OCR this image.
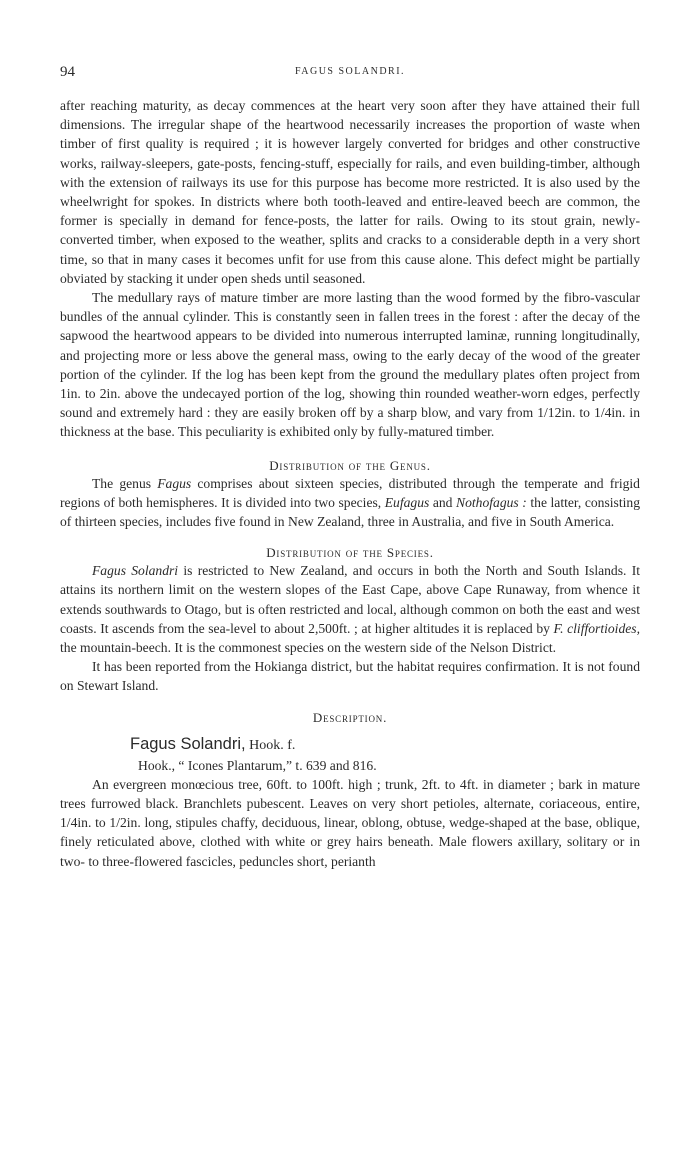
94	FAGUS SOLANDRI.

after reaching maturity, as decay commences at the heart very soon after they have attained their full dimensions. The irregular shape of the heartwood necessarily increases the proportion of waste when timber of first quality is required ; it is however largely converted for bridges and other constructive works, railway-sleepers, gate-posts, fencing-stuff, especially for rails, and even building-timber, although with the extension of railways its use for this purpose has become more restricted. It is also used by the wheelwright for spokes. In districts where both tooth-leaved and entire-leaved beech are common, the former is specially in demand for fence-posts, the latter for rails. Owing to its stout grain, newly-converted timber, when exposed to the weather, splits and cracks to a considerable depth in a very short time, so that in many cases it becomes unfit for use from this cause alone. This defect might be partially obviated by stacking it under open sheds until seasoned.

The medullary rays of mature timber are more lasting than the wood formed by the fibro-vascular bundles of the annual cylinder. This is constantly seen in fallen trees in the forest : after the decay of the sapwood the heartwood appears to be divided into numerous interrupted laminæ, running longitudinally, and projecting more or less above the general mass, owing to the early decay of the wood of the greater portion of the cylinder. If the log has been kept from the ground the medullary plates often project from 1in. to 2in. above the undecayed portion of the log, showing thin rounded weather-worn edges, perfectly sound and extremely hard : they are easily broken off by a sharp blow, and vary from 1/12in. to 1/4in. in thickness at the base. This peculiarity is exhibited only by fully-matured timber.

Distribution of the Genus.

The genus Fagus comprises about sixteen species, distributed through the temperate and frigid regions of both hemispheres. It is divided into two species, Eufagus and Nothofagus : the latter, consisting of thirteen species, includes five found in New Zealand, three in Australia, and five in South America.

Distribution of the Species.

Fagus Solandri is restricted to New Zealand, and occurs in both the North and South Islands. It attains its northern limit on the western slopes of the East Cape, above Cape Runaway, from whence it extends southwards to Otago, but is often restricted and local, although common on both the east and west coasts. It ascends from the sea-level to about 2,500ft. ; at higher altitudes it is replaced by F. cliffortioides, the mountain-beech. It is the commonest species on the western side of the Nelson District.

It has been reported from the Hokianga district, but the habitat requires confirmation. It is not found on Stewart Island.

Description.
Fagus Solandri, Hook. f.
Hook., “ Icones Plantarum,” t. 639 and 816.

An evergreen monœcious tree, 60ft. to 100ft. high ; trunk, 2ft. to 4ft. in diameter ; bark in mature trees furrowed black. Branchlets pubescent. Leaves on very short petioles, alternate, coriaceous, entire, 1/4in. to 1/2in. long, stipules chaffy, deciduous, linear, oblong, obtuse, wedge-shaped at the base, oblique, finely reticulated above, clothed with white or grey hairs beneath. Male flowers axillary, solitary or in two- to three-flowered fascicles, peduncles short, perianth
